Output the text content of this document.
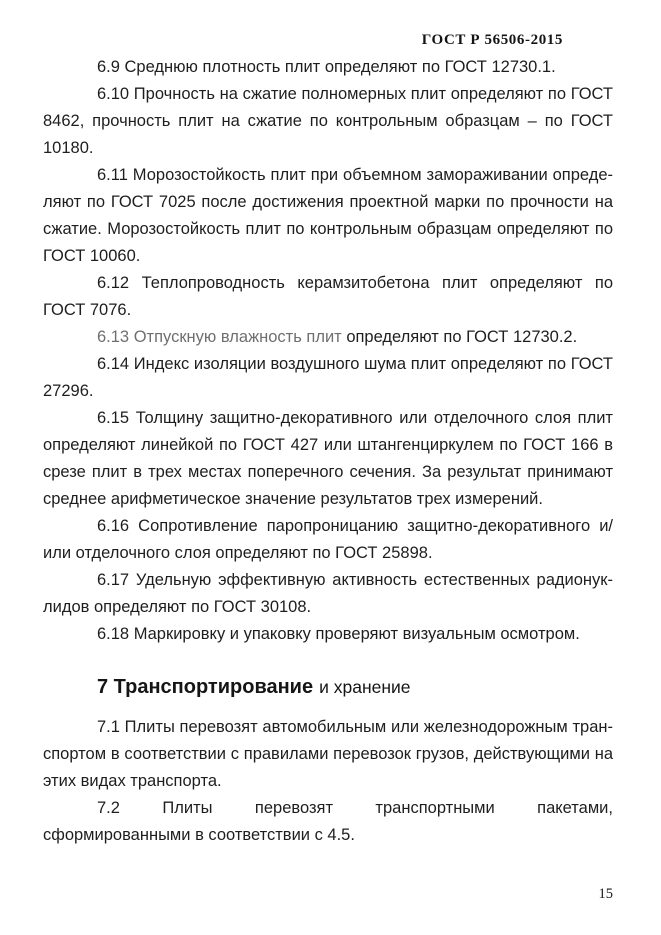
ГОСТ Р 56506-2015

6.9 Среднюю плотность плит определяют по ГОСТ 12730.1.

6.10 Прочность на сжатие полномерных плит определяют по ГОСТ 8462, прочность плит на сжатие по контрольным образцам – по ГОСТ 10180.

6.11 Морозостойкость плит при объемном замораживании опреде-ляют по ГОСТ 7025 после достижения проектной марки по прочности на сжатие. Морозостойкость плит по контрольным образцам определяют по ГОСТ 10060.

6.12 Теплопроводность керамзитобетона плит определяют по ГОСТ 7076.

6.13 Отпускную влажность плит определяют по ГОСТ 12730.2.

6.14 Индекс изоляции воздушного шума плит определяют по ГОСТ 27296.

6.15 Толщину защитно-декоративного или отделочного слоя плит определяют линейкой по ГОСТ 427 или штангенциркулем по ГОСТ 166 в срезе плит в трех местах поперечного сечения. За результат принимают среднее арифметическое значение результатов трех измерений.

6.16 Сопротивление паропроницанию защитно-декоративного и/или отделочного слоя определяют по ГОСТ 25898.

6.17 Удельную эффективную активность естественных радионук-лидов определяют по ГОСТ 30108.

6.18 Маркировку и упаковку проверяют визуальным осмотром.

7 Транспортирование и хранение

7.1 Плиты перевозят автомобильным или железнодорожным тран-спортом в соответствии с правилами перевозок грузов, действующими на этих видах транспорта.

7.2 Плиты перевозят транспортными пакетами, сформированными в соответствии с 4.5.

15
